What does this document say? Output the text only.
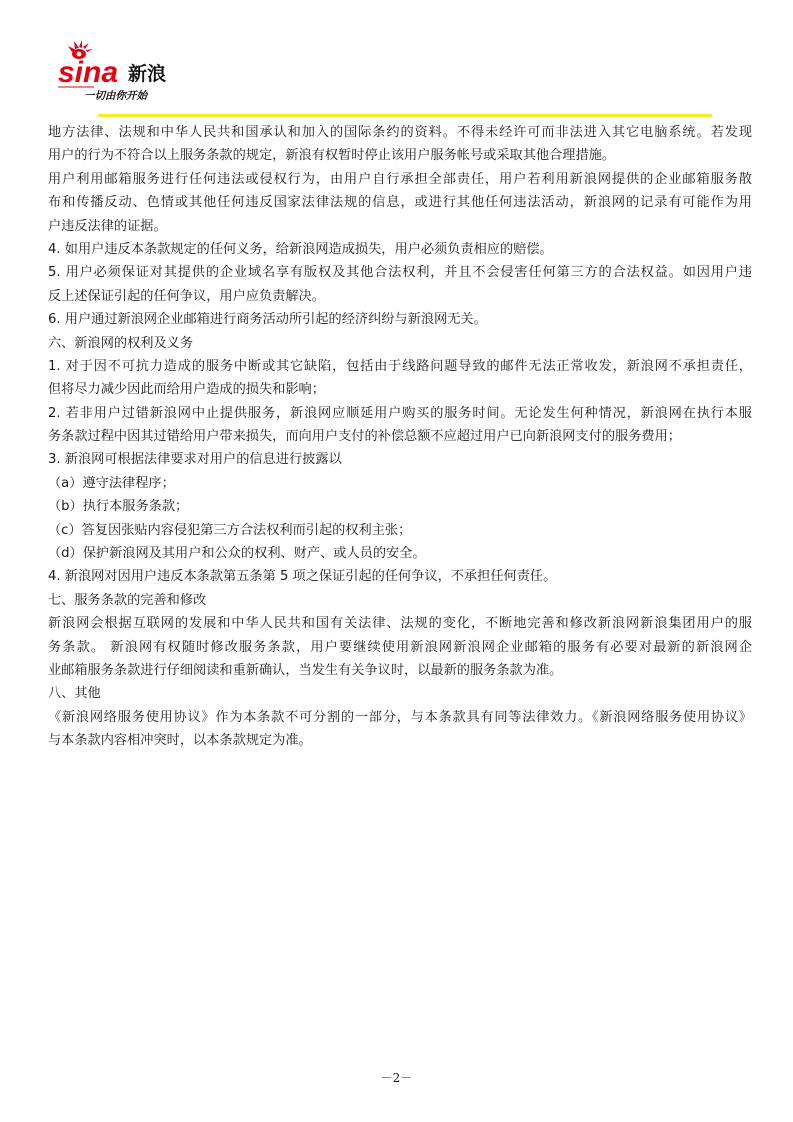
sina 新浪
一切由你开始
地方法律、法规和中华人民共和国承认和加入的国际条约的资料。不得未经许可而非法进入其它电脑系统。若发现
用户的行为不符合以上服务条款的规定，新浪有权暂时停止该用户服务帐号或采取其他合理措施。
用户利用邮箱服务进行任何违法或侵权行为，由用户自行承担全部责任，用户若利用新浪网提供的企业邮箱服务散
布和传播反动、色情或其他任何违反国家法律法规的信息，或进行其他任何违法活动，新浪网的记录有可能作为用
户违反法律的证据。
4. 如用户违反本条款规定的任何义务，给新浪网造成损失，用户必须负责相应的赔偿。
5. 用户必须保证对其提供的企业域名享有版权及其他合法权利，并且不会侵害任何第三方的合法权益。如因用户违
反上述保证引起的任何争议，用户应负责解决。
6. 用户通过新浪网企业邮箱进行商务活动所引起的经济纠纷与新浪网无关。
六、新浪网的权利及义务
1. 对于因不可抗力造成的服务中断或其它缺陷，包括由于线路问题导致的邮件无法正常收发，新浪网不承担责任，
但将尽力减少因此而给用户造成的损失和影响；
2. 若非用户过错新浪网中止提供服务，新浪网应顺延用户购买的服务时间。无论发生何种情况，新浪网在执行本服
务条款过程中因其过错给用户带来损失，而向用户支付的补偿总额不应超过用户已向新浪网支付的服务费用；
3. 新浪网可根据法律要求对用户的信息进行披露以
（a）遵守法律程序；
（b）执行本服务条款；
（c）答复因张贴内容侵犯第三方合法权利而引起的权利主张；
（d）保护新浪网及其用户和公众的权利、财产、或人员的安全。
4. 新浪网对因用户违反本条款第五条第 5 项之保证引起的任何争议，不承担任何责任。
七、服务条款的完善和修改
新浪网会根据互联网的发展和中华人民共和国有关法律、法规的变化，不断地完善和修改新浪网新浪集团用户的服
务条款。 新浪网有权随时修改服务条款，用户要继续使用新浪网新浪网企业邮箱的服务有必要对最新的新浪网企
业邮箱服务条款进行仔细阅读和重新确认，当发生有关争议时，以最新的服务条款为准。
八、其他
《新浪网络服务使用协议》作为本条款不可分割的一部分，与本条款具有同等法律效力。《新浪网络服务使用协议》
与本条款内容相冲突时，以本条款规定为准。
－2－
